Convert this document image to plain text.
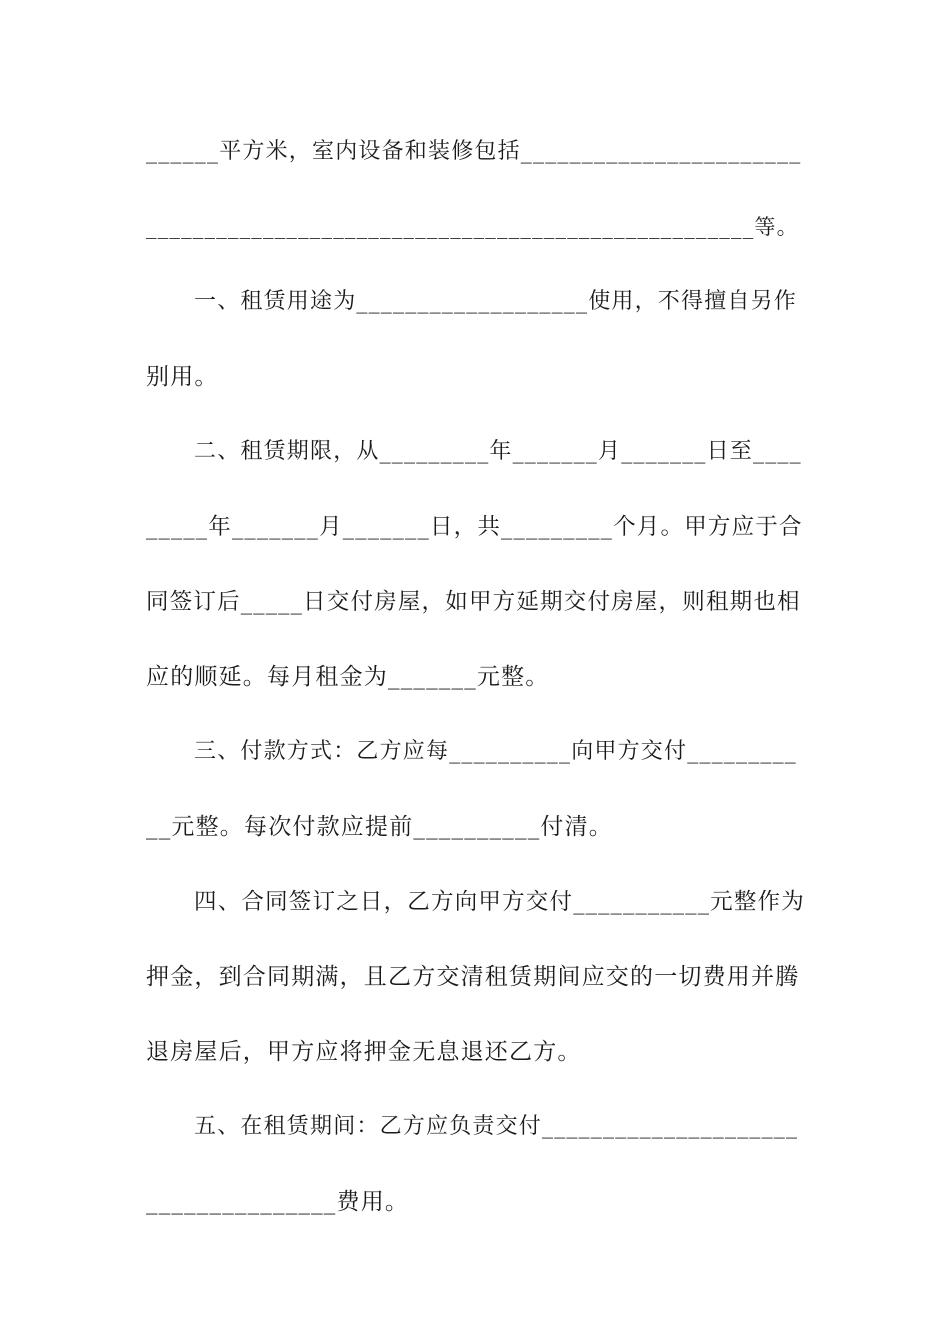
______平方米，室内设备和装修包括_______________________
____________________________________________________等。
一、租赁用途为___________________使用，不得擅自另作
别用。
二、租赁期限，从_________年_______月_______日至____
_____年_______月_______日，共_________个月。甲方应于合
同签订后_____日交付房屋，如甲方延期交付房屋，则租期也相
应的顺延。每月租金为_______元整。
三、付款方式：乙方应每__________向甲方交付_________
__元整。每次付款应提前__________付清。
四、合同签订之日，乙方向甲方交付___________元整作为
押金，到合同期满，且乙方交清租赁期间应交的一切费用并腾
退房屋后，甲方应将押金无息退还乙方。
五、在租赁期间：乙方应负责交付_____________________
_______________费用。
